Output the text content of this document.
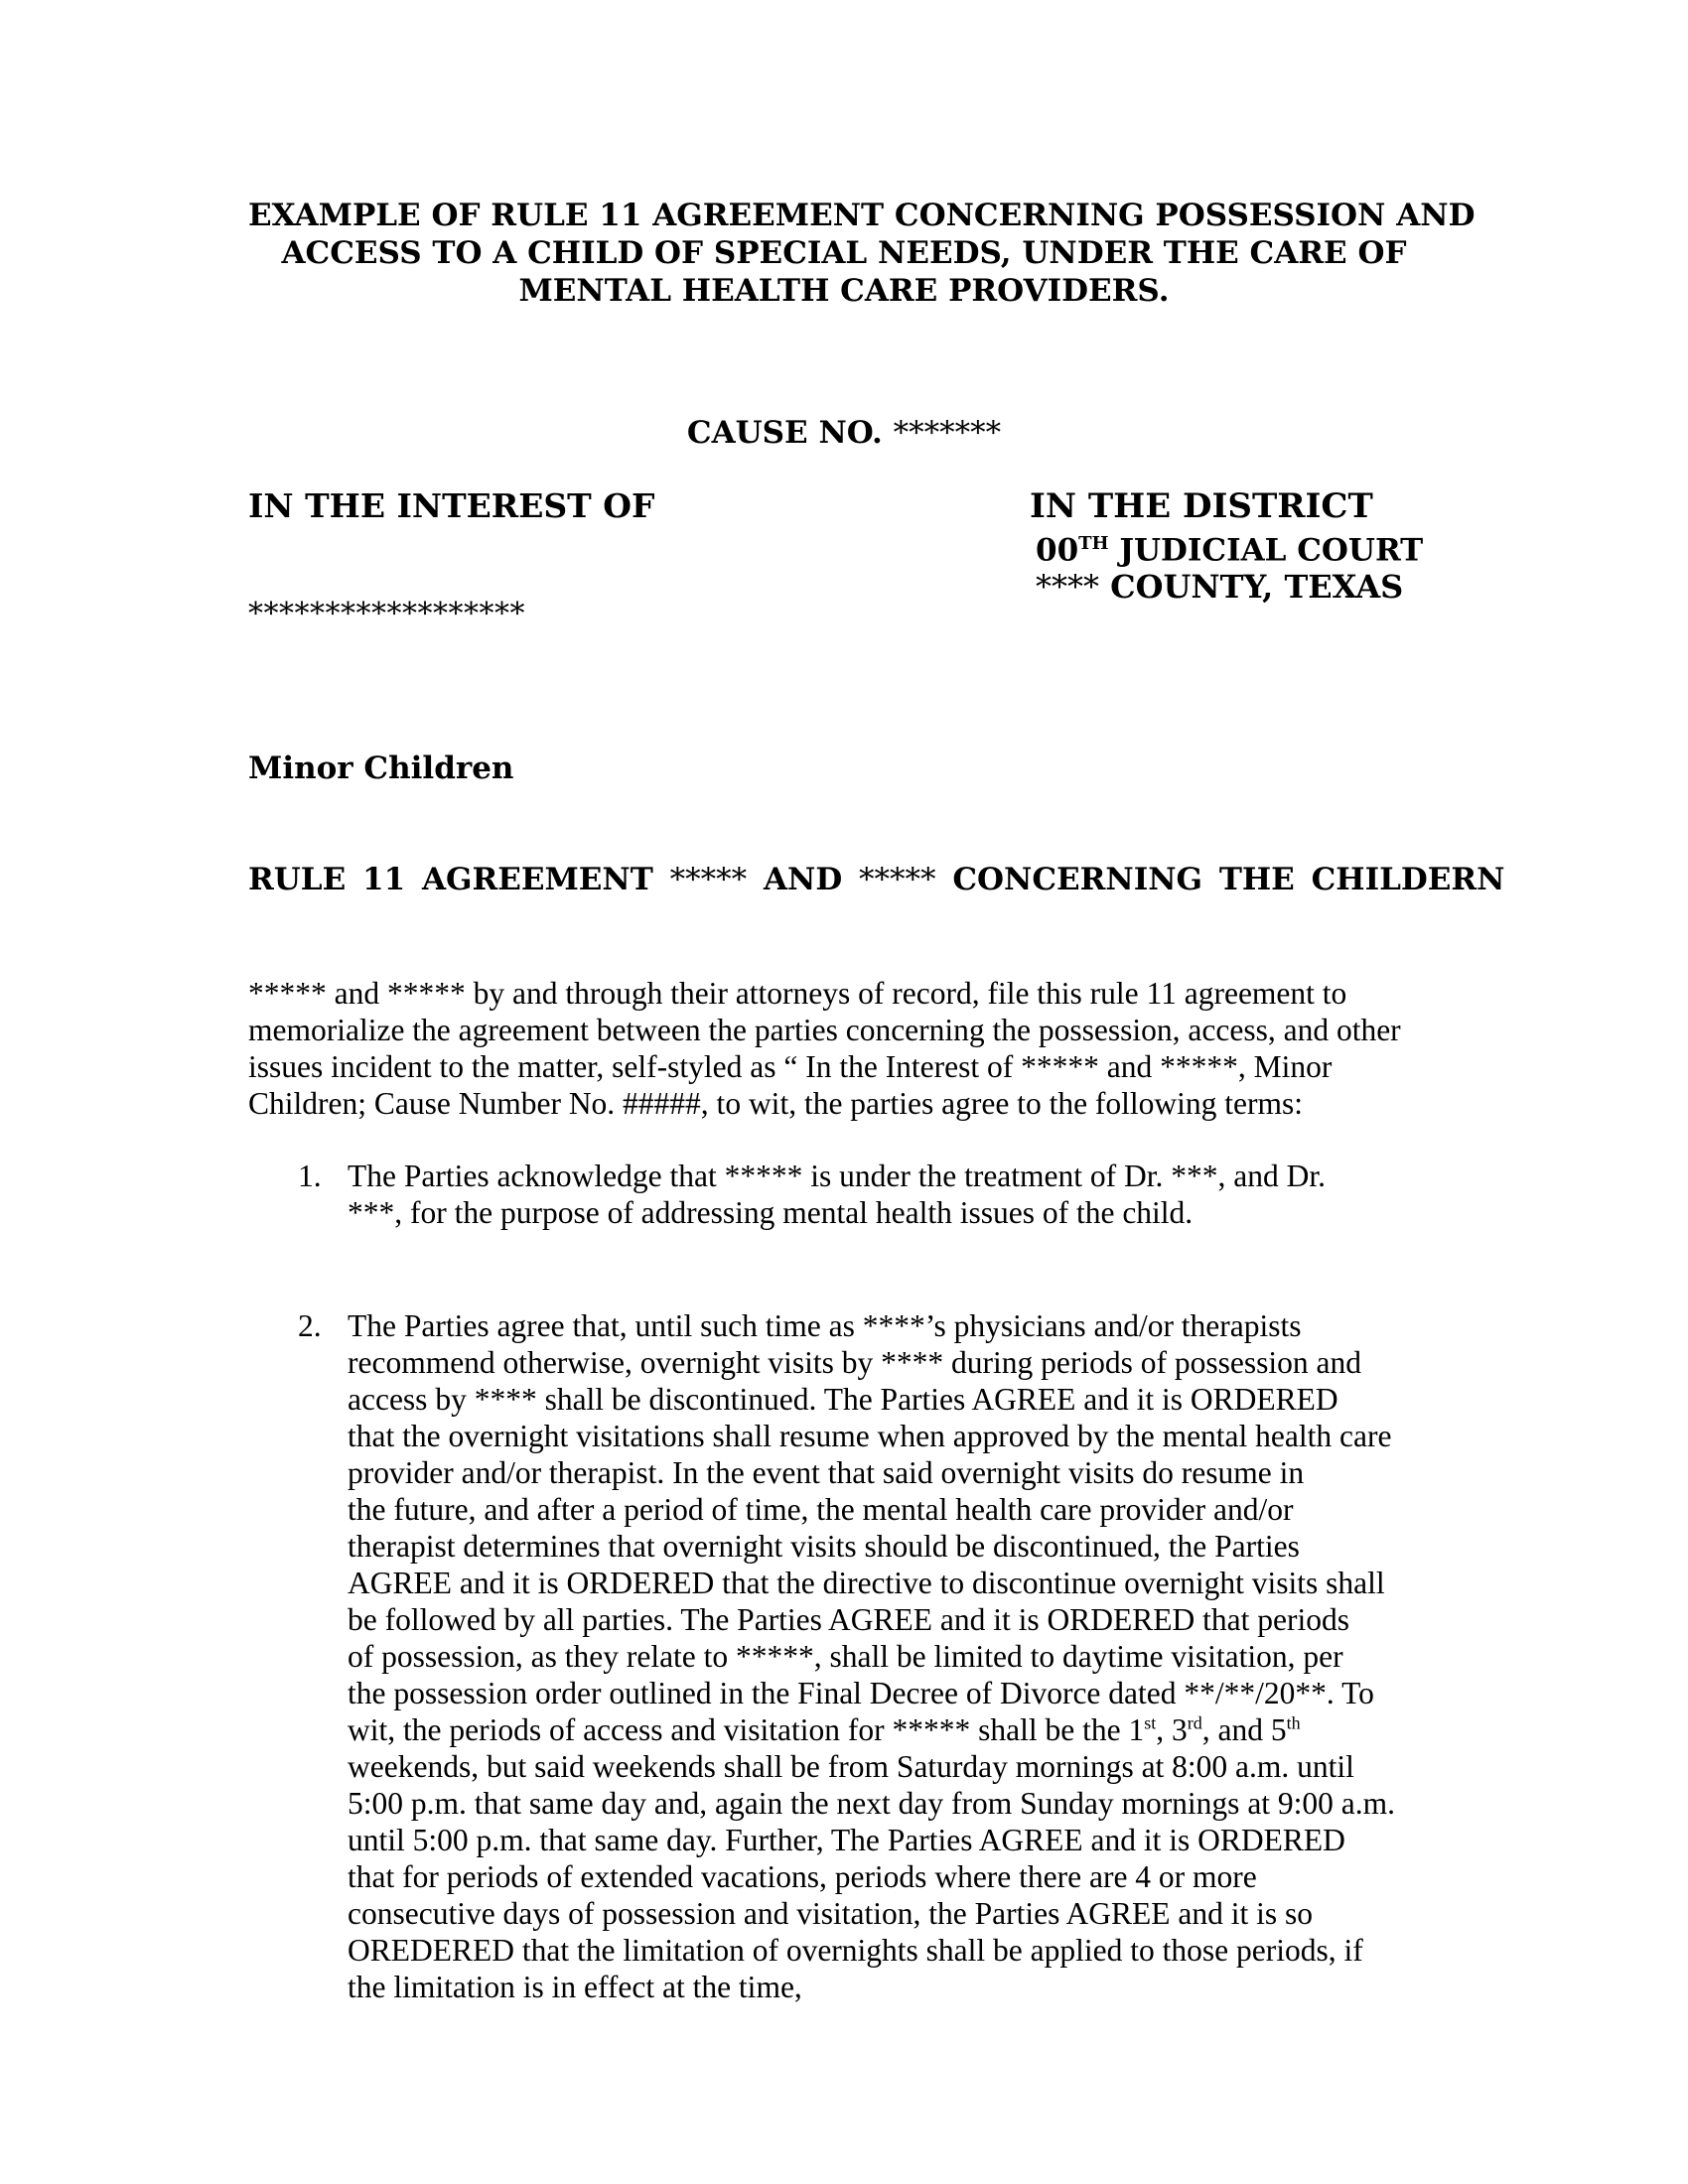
EXAMPLE OF RULE 11 AGREEMENT CONCERNING POSSESSION AND
ACCESS TO A CHILD OF SPECIAL NEEDS, UNDER THE CARE OF
MENTAL HEALTH CARE PROVIDERS.
CAUSE NO. *******
IN THE INTEREST OF
******************
IN THE DISTRICT
00TH JUDICIAL COURT
**** COUNTY, TEXAS
Minor Children
RULE 11 AGREEMENT ***** AND ***** CONCERNING THE CHILDERN
***** and ***** by and through their attorneys of record, file this rule 11 agreement to
memorialize the agreement between the parties concerning the possession, access, and other
issues incident to the matter, self-styled as “ In the Interest of ***** and *****, Minor
Children; Cause Number No. #####, to wit, the parties agree to the following terms:
1. The Parties acknowledge that ***** is under the treatment of Dr. ***, and Dr.
***, for the purpose of addressing mental health issues of the child.
2. The Parties agree that, until such time as ****’s physicians and/or therapists
recommend otherwise, overnight visits by **** during periods of possession and
access by **** shall be discontinued. The Parties AGREE and it is ORDERED
that the overnight visitations shall resume when approved by the mental health care
provider and/or therapist. In the event that said overnight visits do resume in
the future, and after a period of time, the mental health care provider and/or
therapist determines that overnight visits should be discontinued, the Parties
AGREE and it is ORDERED that the directive to discontinue overnight visits shall
be followed by all parties. The Parties AGREE and it is ORDERED that periods
of possession, as they relate to *****, shall be limited to daytime visitation, per
the possession order outlined in the Final Decree of Divorce dated **/**/20**. To
wit, the periods of access and visitation for ***** shall be the 1st, 3rd, and 5th
weekends, but said weekends shall be from Saturday mornings at 8:00 a.m. until
5:00 p.m. that same day and, again the next day from Sunday mornings at 9:00 a.m.
until 5:00 p.m. that same day. Further, The Parties AGREE and it is ORDERED
that for periods of extended vacations, periods where there are 4 or more
consecutive days of possession and visitation, the Parties AGREE and it is so
OREDERED that the limitation of overnights shall be applied to those periods, if
the limitation is in effect at the time,
